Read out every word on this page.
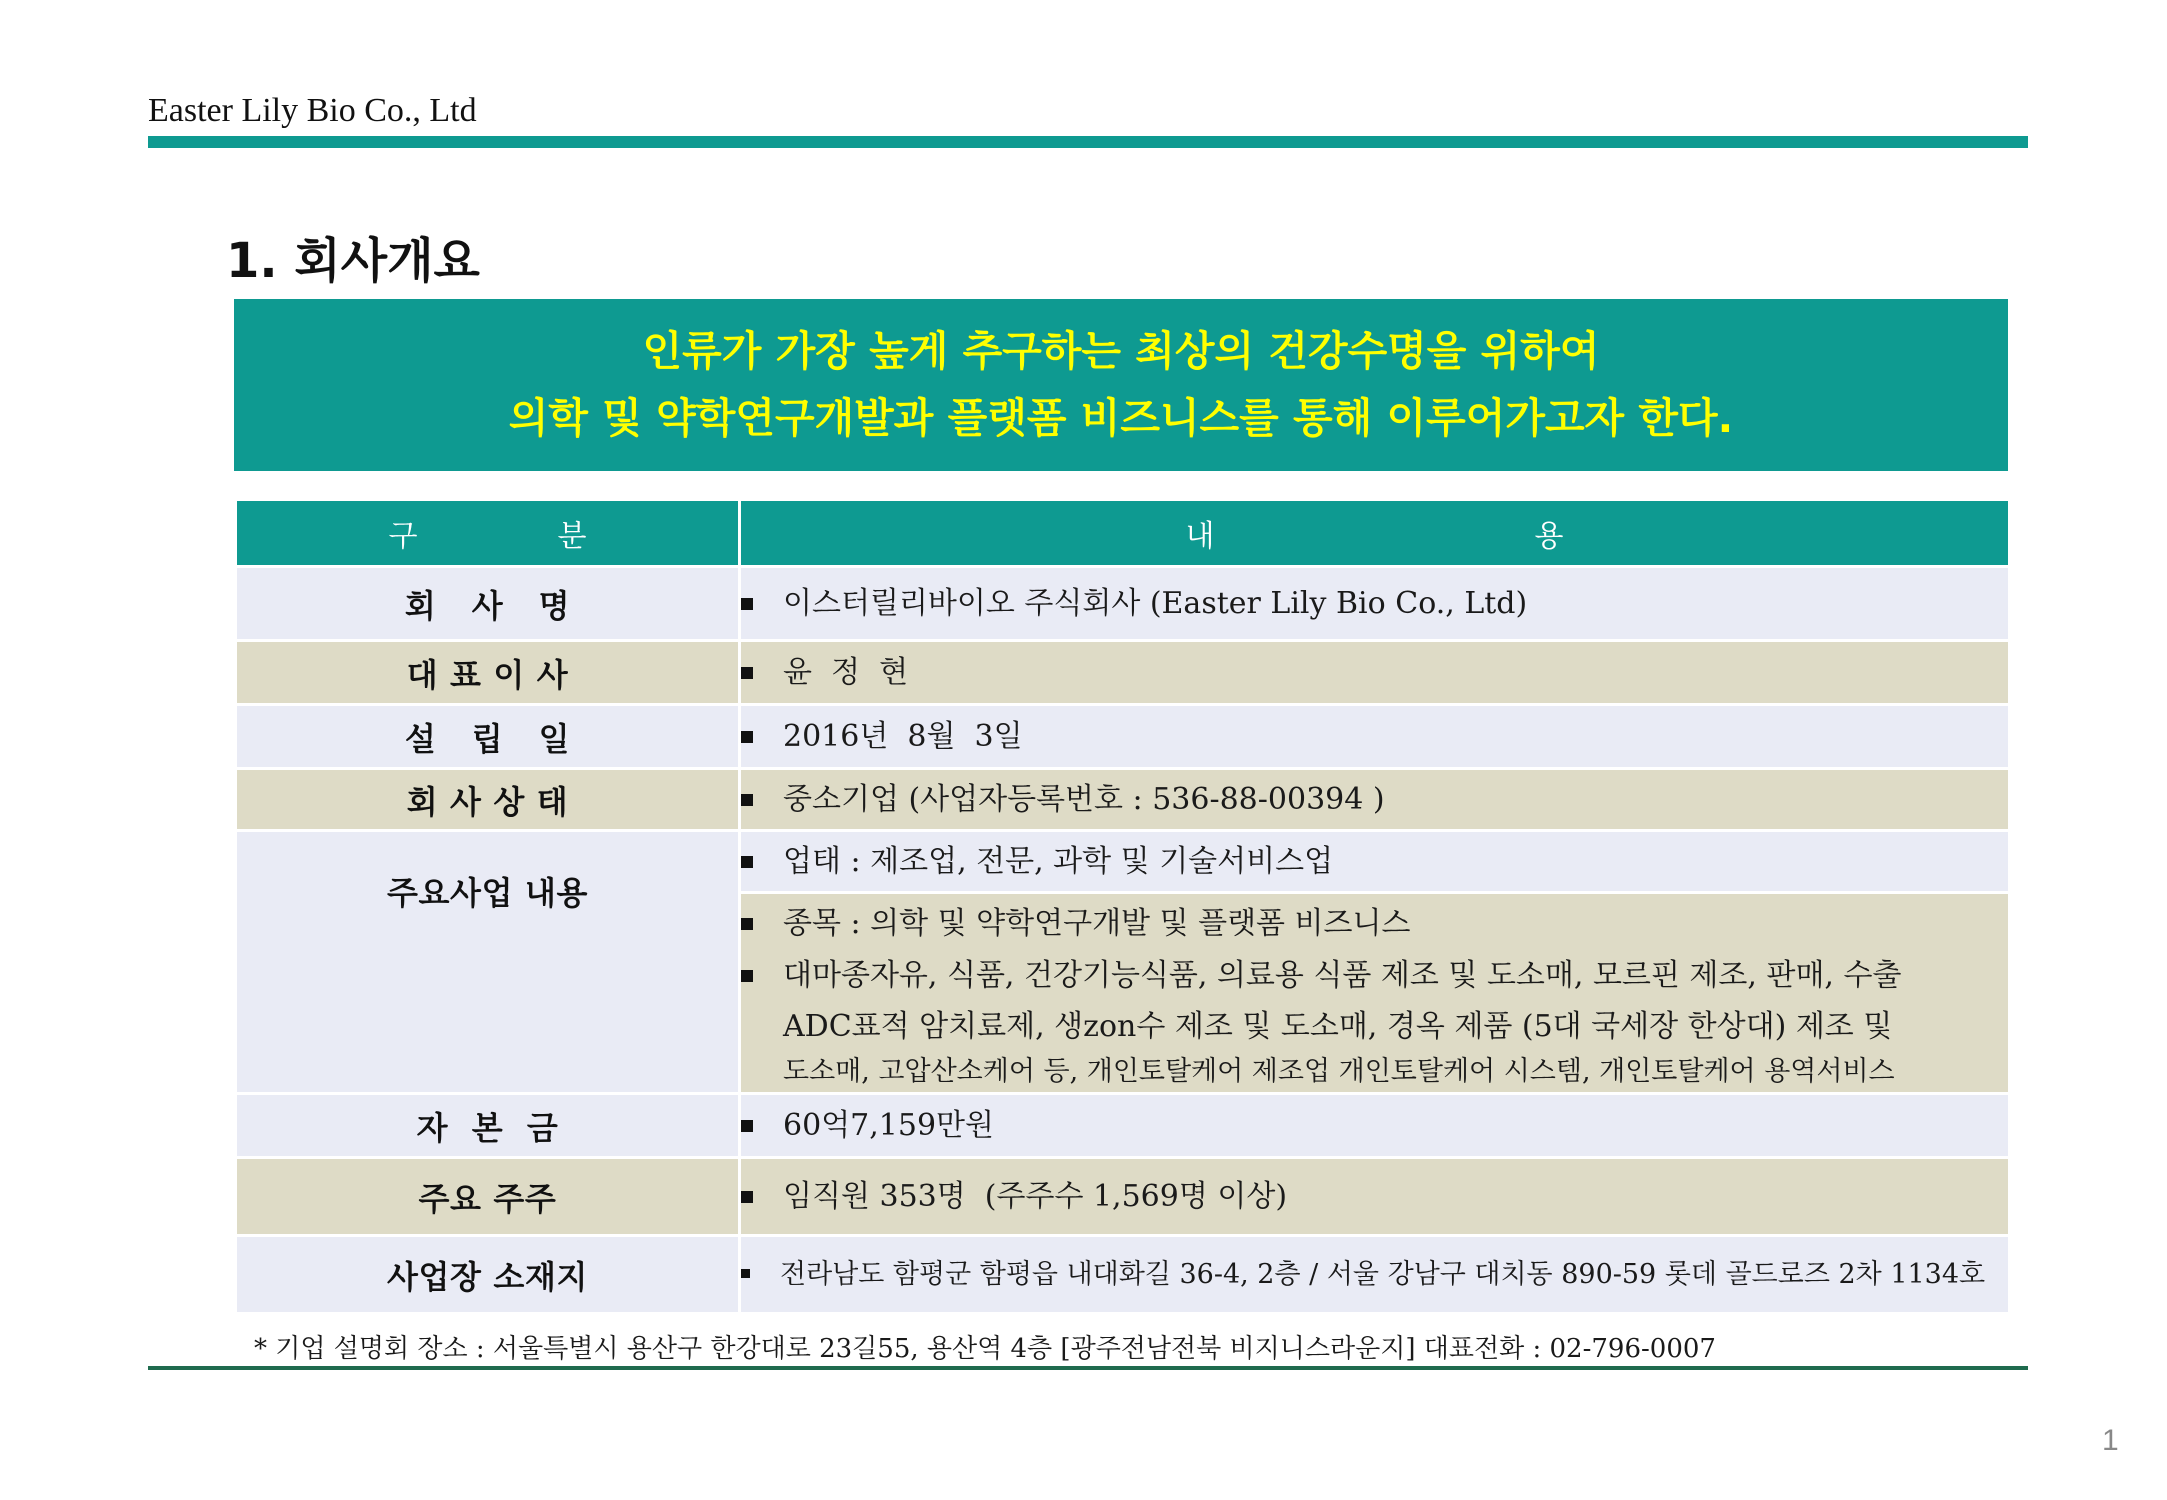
Easter Lily Bio Co., Ltd
1. 회사개요
인류가 가장 높게 추구하는 최상의 건강수명을 위하여
의학 및 약학연구개발과 플랫폼 비즈니스를 통해 이루어가고자 한다.
구 분	내 용

회   사   명	이스터릴리바이오 주식회사 (Easter Lily Bio Co., Ltd)

대 표 이 사	윤  정  현

설   립   일	2016년  8월  3일

회 사 상 태	중소기업 (사업자등록번호 : 536-88-00394 )

주요사업 내용	업태 : 제조업, 전문, 과학 및 기술서비스업

	종목 : 의학 및 약학연구개발 및 플랫폼 비즈니스
대마종자유, 식품, 건강기능식품, 의료용 식품 제조 및 도소매, 모르핀 제조, 판매, 수출
ADC표적 암치료제, 생zon수 제조 및 도소매, 경옥 제품 (5대 국세장 한상대) 제조 및
도소매, 고압산소케어 등, 개인토탈케어 제조업 개인토탈케어 시스템, 개인토탈케어 용역서비스

자  본  금	60억7,159만원

주요 주주	임직원 353명  (주주수 1,569명 이상)

사업장 소재지	전라남도 함평군 함평읍 내대화길 36-4, 2층 / 서울 강남구 대치동 890-59 롯데 골드로즈 2차 1134호
* 기업 설명회 장소 : 서울특별시 용산구 한강대로 23길55, 용산역 4층 [광주전남전북 비지니스라운지] 대표전화 : 02-796-0007
1
